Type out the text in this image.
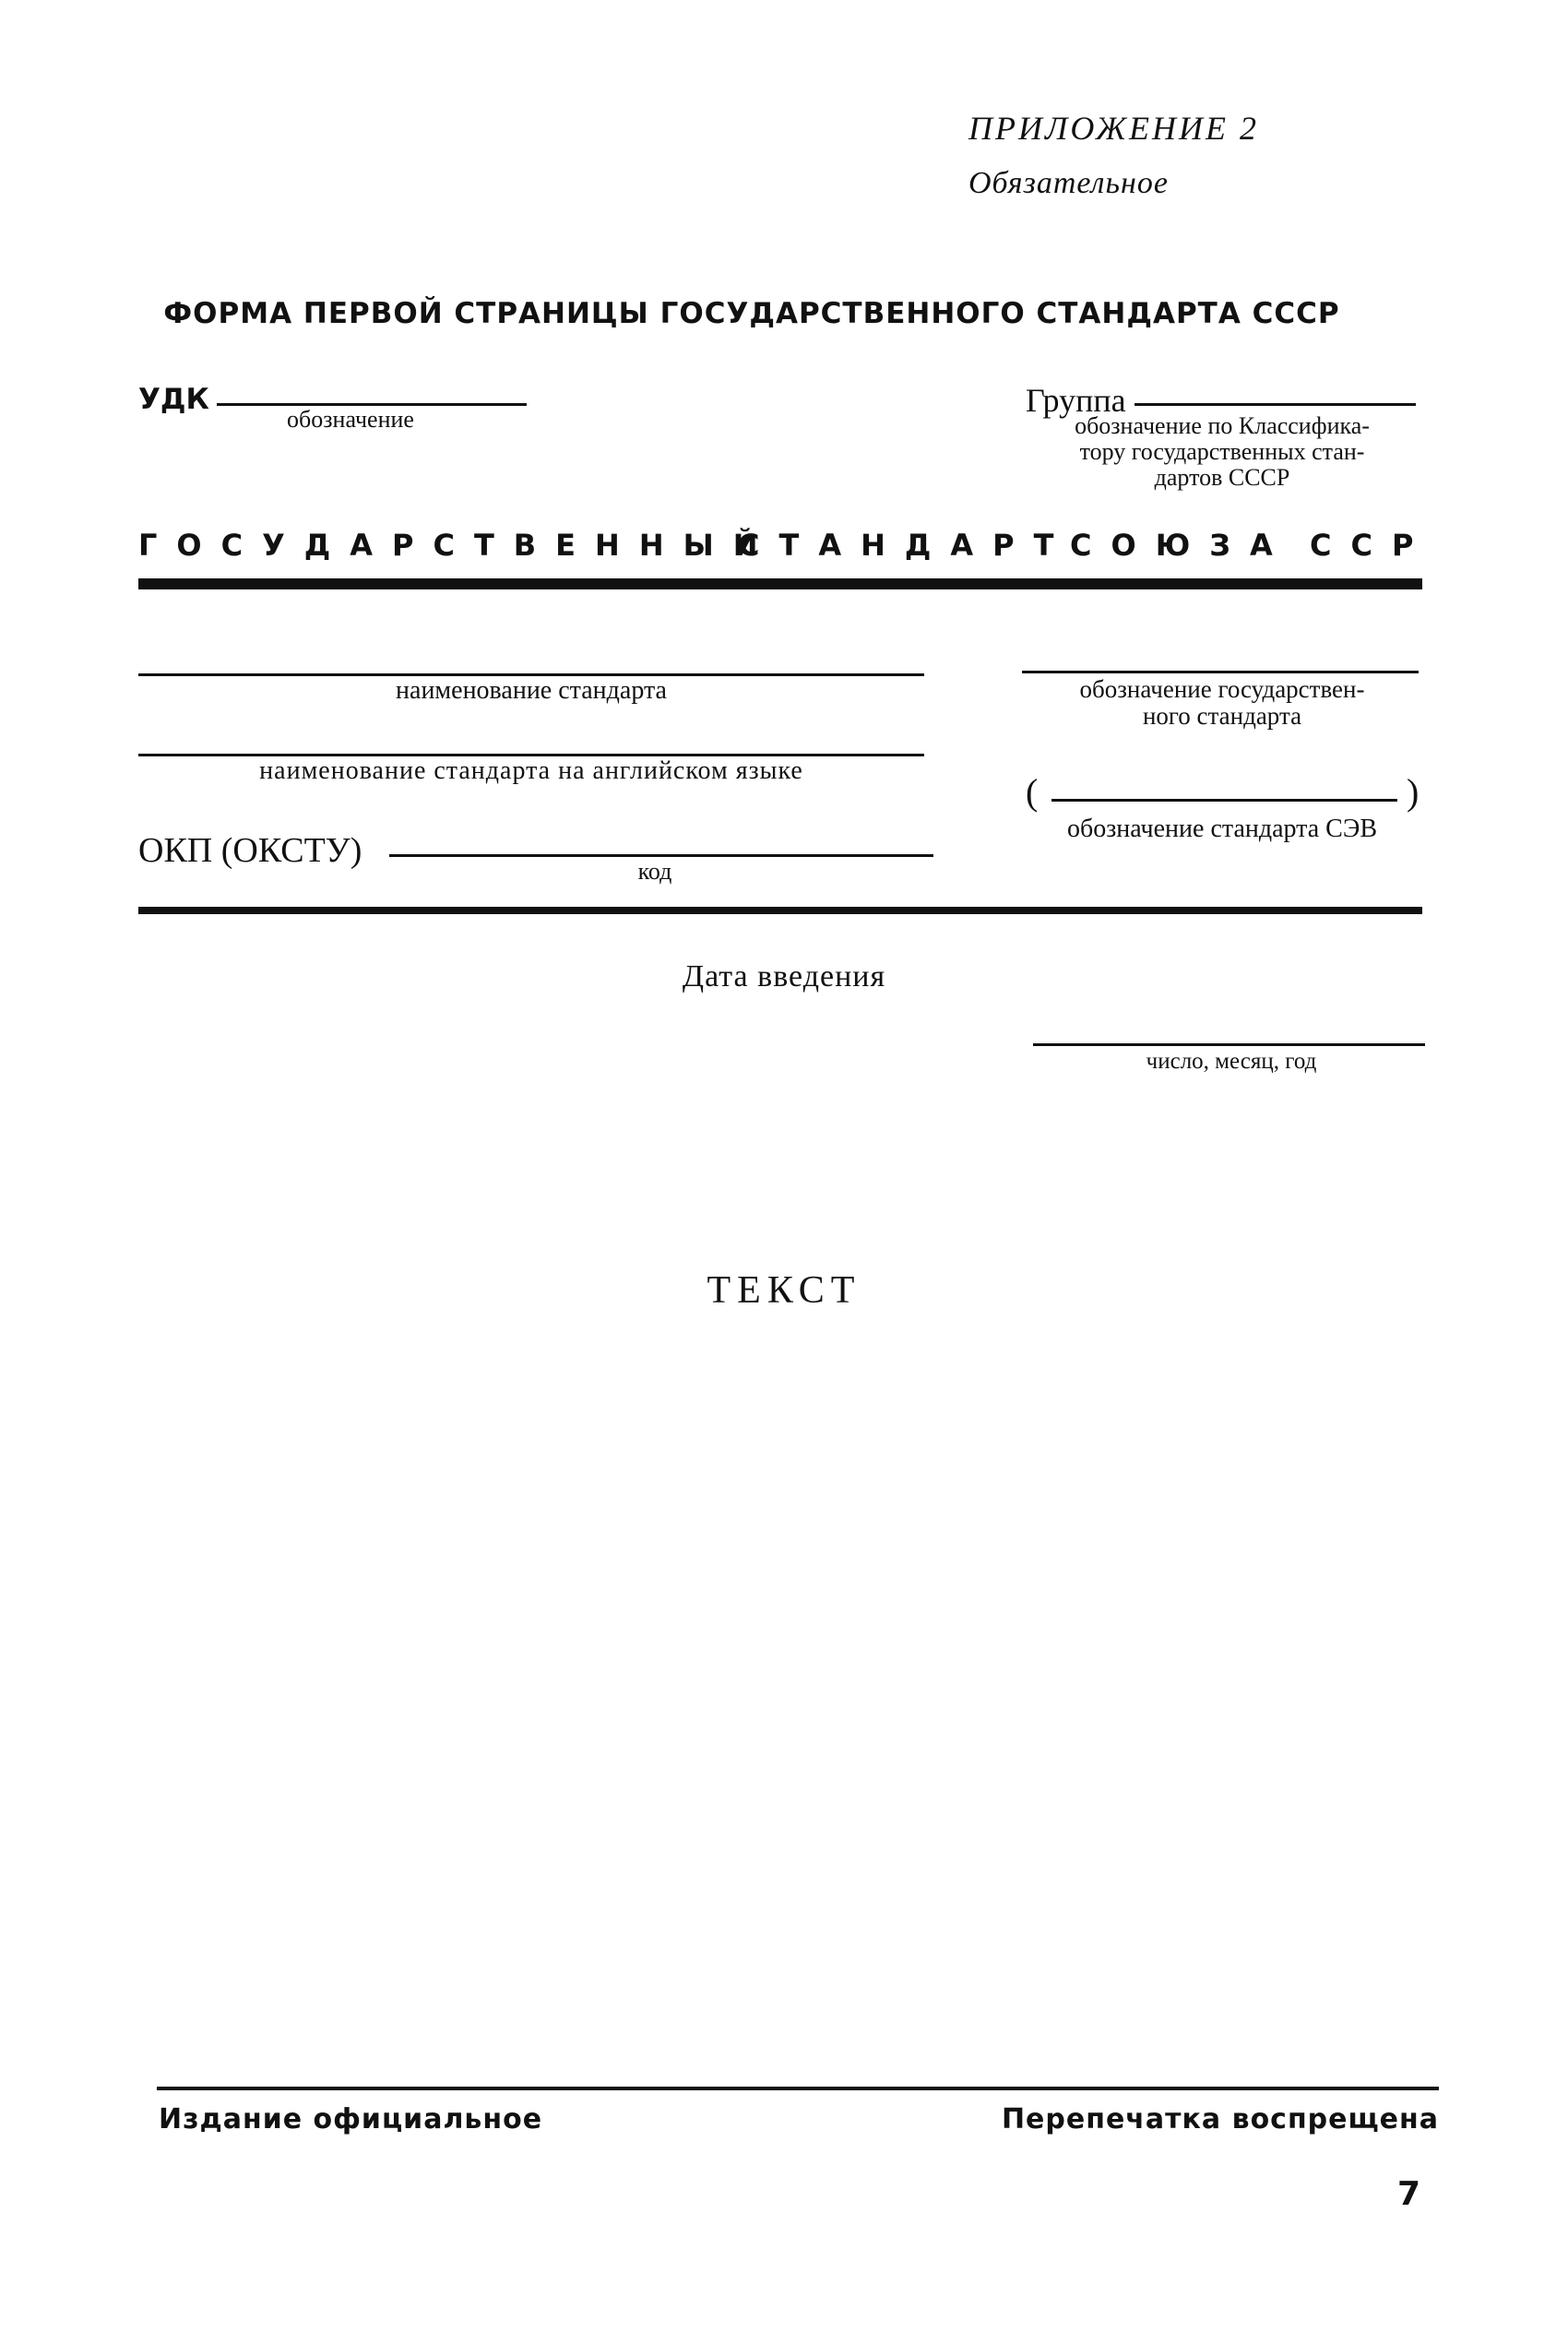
ПРИЛОЖЕНИЕ 2
Обязательное
ФОРМА ПЕРВОЙ СТРАНИЦЫ ГОСУДАРСТВЕННОГО СТАНДАРТА СССР
УДК
обозначение
Группа
обозначение по Классифика-
тору государственных стан-
дартов СССР
ГОСУДАРСТВЕННЫЙ
СТАНДАРТ
СОЮЗА ССР
наименование стандарта	обозначение государствен-
ного стандарта
наименование стандарта на английском языке
(	)
обозначение стандарта СЭВ
ОКП (ОКСТУ)
код
Дата введения
число, месяц, год
ТЕКСТ
Издание официальное	Перепечатка воспрещена
7
